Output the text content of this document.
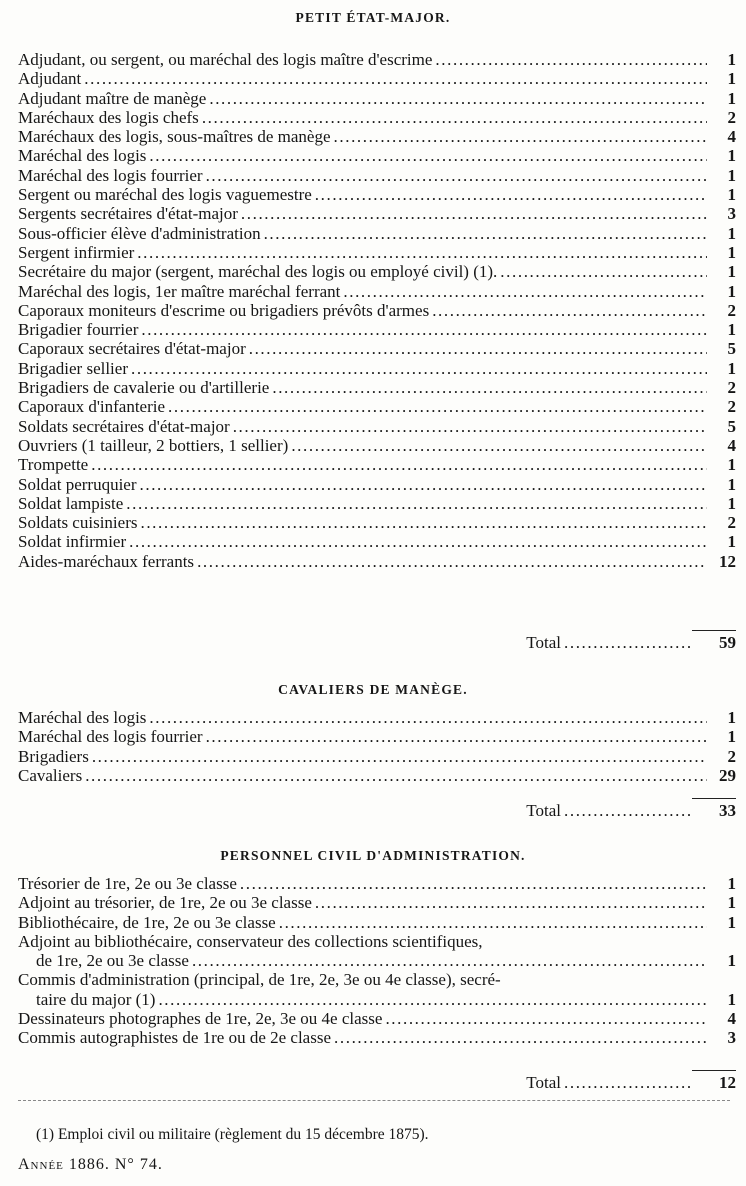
PETIT ÉTAT-MAJOR.
Adjudant, ou sergent, ou maréchal des logis maître d'escrime .....	1
Adjudant .....	1
Adjudant maître de manège .....	1
Maréchaux des logis chefs .....	2
Maréchaux des logis, sous-maîtres de manège .....	4
Maréchal des logis .....	1
Maréchal des logis fourrier .....	1
Sergent ou maréchal des logis vaguemestre .....	1
Sergents secrétaires d'état-major .....	3
Sous-officier élève d'administration .....	1
Sergent infirmier .....	1
Secrétaire du major (sergent, maréchal des logis ou employé civil) (1). .....	1
Maréchal des logis, 1er maître maréchal ferrant .....	1
Caporaux moniteurs d'escrime ou brigadiers prévôts d'armes .....	2
Brigadier fourrier .....	1
Caporaux secrétaires d'état-major .....	5
Brigadier sellier .....	1
Brigadiers de cavalerie ou d'artillerie .....	2
Caporaux d'infanterie .....	2
Soldats secrétaires d'état-major .....	5
Ouvriers (1 tailleur, 2 bottiers, 1 sellier) .....	4
Trompette .....	1
Soldat perruquier .....	1
Soldat lampiste .....	1
Soldats cuisiniers .....	2
Soldat infirmier .....	1
Aides-maréchaux ferrants .....	12
Total .....	59
CAVALIERS DE MANÈGE.
Maréchal des logis .....	1
Maréchal des logis fourrier .....	1
Brigadiers .....	2
Cavaliers .....	29
Total .....	33
PERSONNEL CIVIL D'ADMINISTRATION.
Trésorier de 1re, 2e ou 3e classe .....	1
Adjoint au trésorier, de 1re, 2e ou 3e classe .....	1
Bibliothécaire, de 1re, 2e ou 3e classe .....	1
Adjoint au bibliothécaire, conservateur des collections scientifiques,
de 1re, 2e ou 3e classe .....	1
Commis d'administration (principal, de 1re, 2e, 3e ou 4e classe), secré-
taire du major (1) .....	1
Dessinateurs photographes de 1re, 2e, 3e ou 4e classe .....	4
Commis autographistes de 1re ou de 2e classe .....	3
Total .....	12
(1) Emploi civil ou militaire (règlement du 15 décembre 1875).
Année 1886. N° 74.
